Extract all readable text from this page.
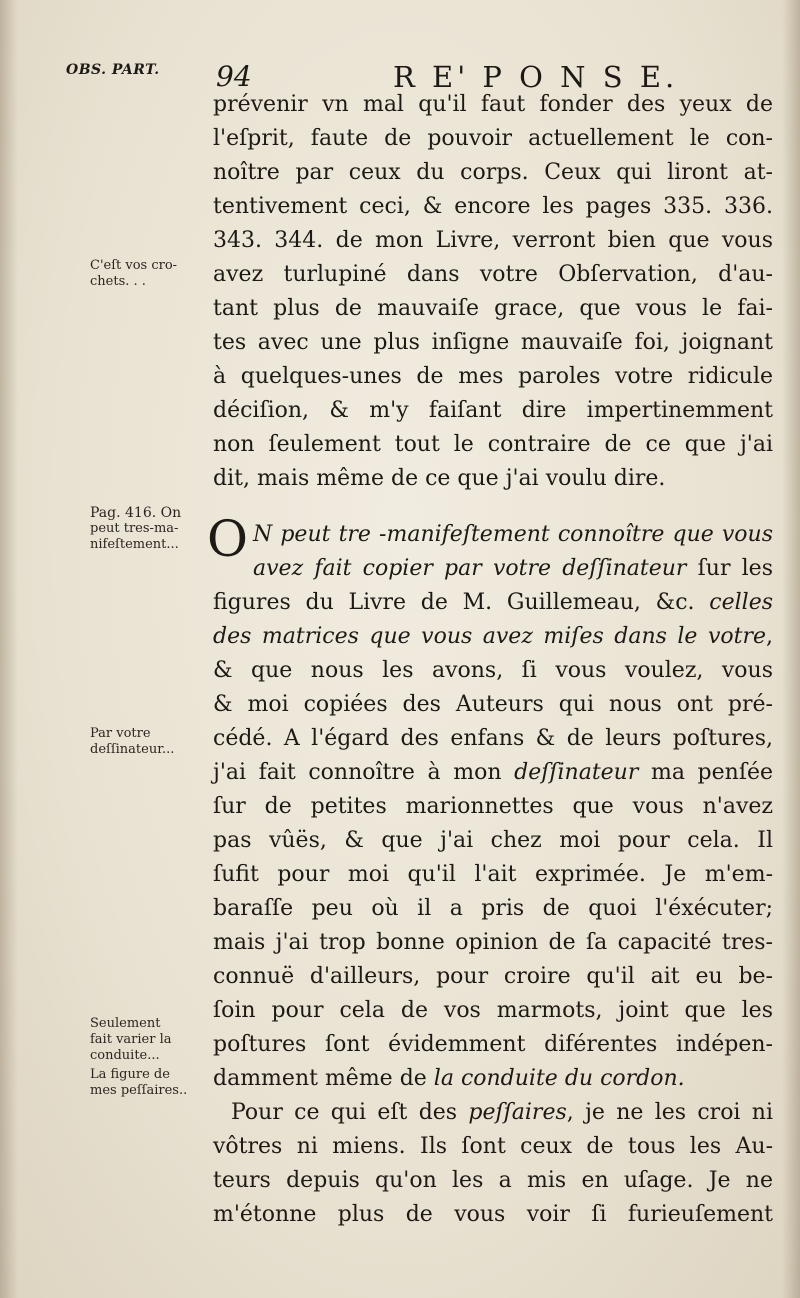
OBS. PART. 94	R E' P O N S E.
C'eſt vos cro-
chets. . .
Pag. 416. On
peut tres-ma-
nifeſtement...
Par votre
deſſinateur...
Seulement
fait varier la
conduite...
La figure de
mes peſſaires..
prévenir vn mal qu'il faut fonder des yeux de
l'eſprit, faute de pouvoir actuellement le con-
noître par ceux du corps. Ceux qui liront at-
tentivement ceci, & encore les pages 335. 336.
343. 344. de mon Livre, verront bien que vous
avez turlupiné dans votre Obſervation, d'au-
tant plus de mauvaiſe grace, que vous le fai-
tes avec une plus inſigne mauvaiſe foi, joignant
à quelques-unes de mes paroles votre ridicule
déciſion, & m'y faiſant dire impertinemment
non ſeulement tout le contraire de ce que j'ai
dit, mais même de ce que j'ai voulu dire.
O N peut tre -manifeſtement connoître que vous
avez fait copier par votre deſſinateur ſur les
figures du Livre de M. Guillemeau, &c. celles
des matrices que vous avez miſes dans le votre,
& que nous les avons, ſi vous voulez, vous
& moi copiées des Auteurs qui nous ont pré-
cédé. A l'égard des enfans & de leurs poſtures,
j'ai fait connoître à mon deſſinateur ma penſée
ſur de petites marionnettes que vous n'avez
pas vûës, & que j'ai chez moi pour cela. Il
ſufit pour moi qu'il l'ait exprimée. Je m'em-
baraſſe peu où il a pris de quoi l'éxécuter;
mais j'ai trop bonne opinion de ſa capacité tres-
connuë d'ailleurs, pour croire qu'il ait eu be-
ſoin pour cela de vos marmots, joint que les
poſtures ſont évidemment diférentes indépen-
damment même de la conduite du cordon.
Pour ce qui eſt des peſſaires, je ne les croi ni
vôtres ni miens. Ils ſont ceux de tous les Au-
teurs depuis qu'on les a mis en uſage. Je ne
m'étonne plus de vous voir ſi furieuſement
